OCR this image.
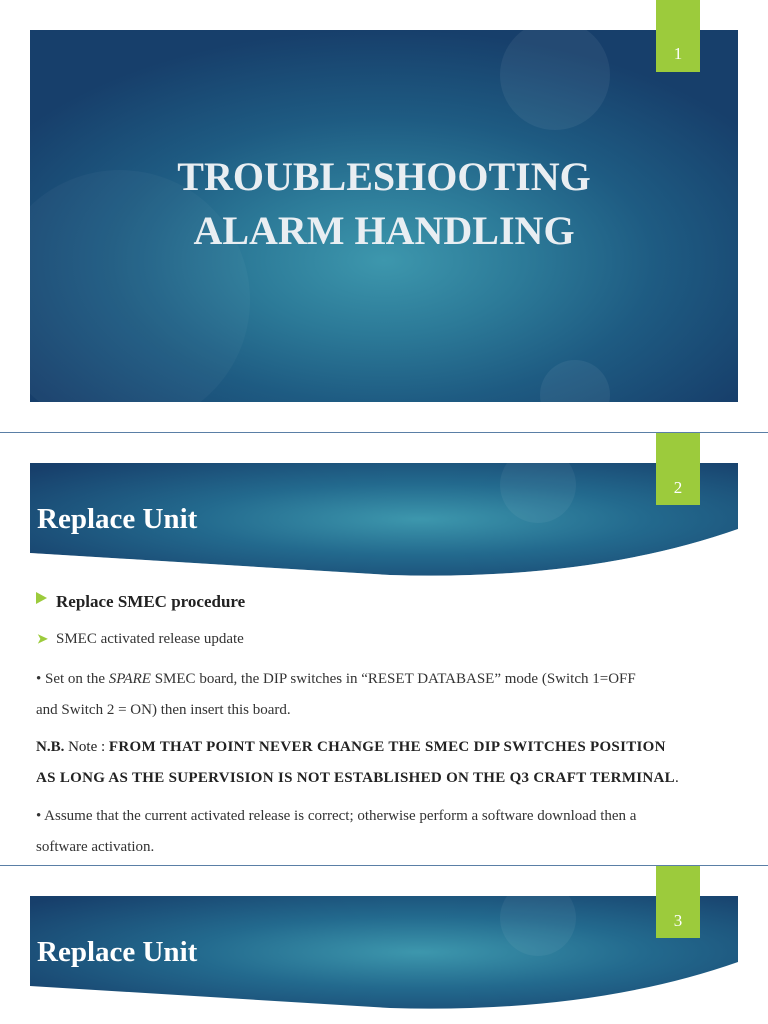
TROUBLESHOOTING
ALARM HANDLING
1
Replace Unit
2
Replace SMEC procedure
➤ SMEC activated release update
• Set on the SPARE SMEC board, the DIP switches in “RESET DATABASE” mode (Switch 1=OFF
and Switch 2 = ON) then insert this board.
N.B. Note : FROM THAT POINT NEVER CHANGE THE SMEC DIP SWITCHES POSITION
AS LONG AS THE SUPERVISION IS NOT ESTABLISHED ON THE Q3 CRAFT TERMINAL.
• Assume that the current activated release is correct; otherwise perform a software download then a
software activation.
Replace Unit
3
